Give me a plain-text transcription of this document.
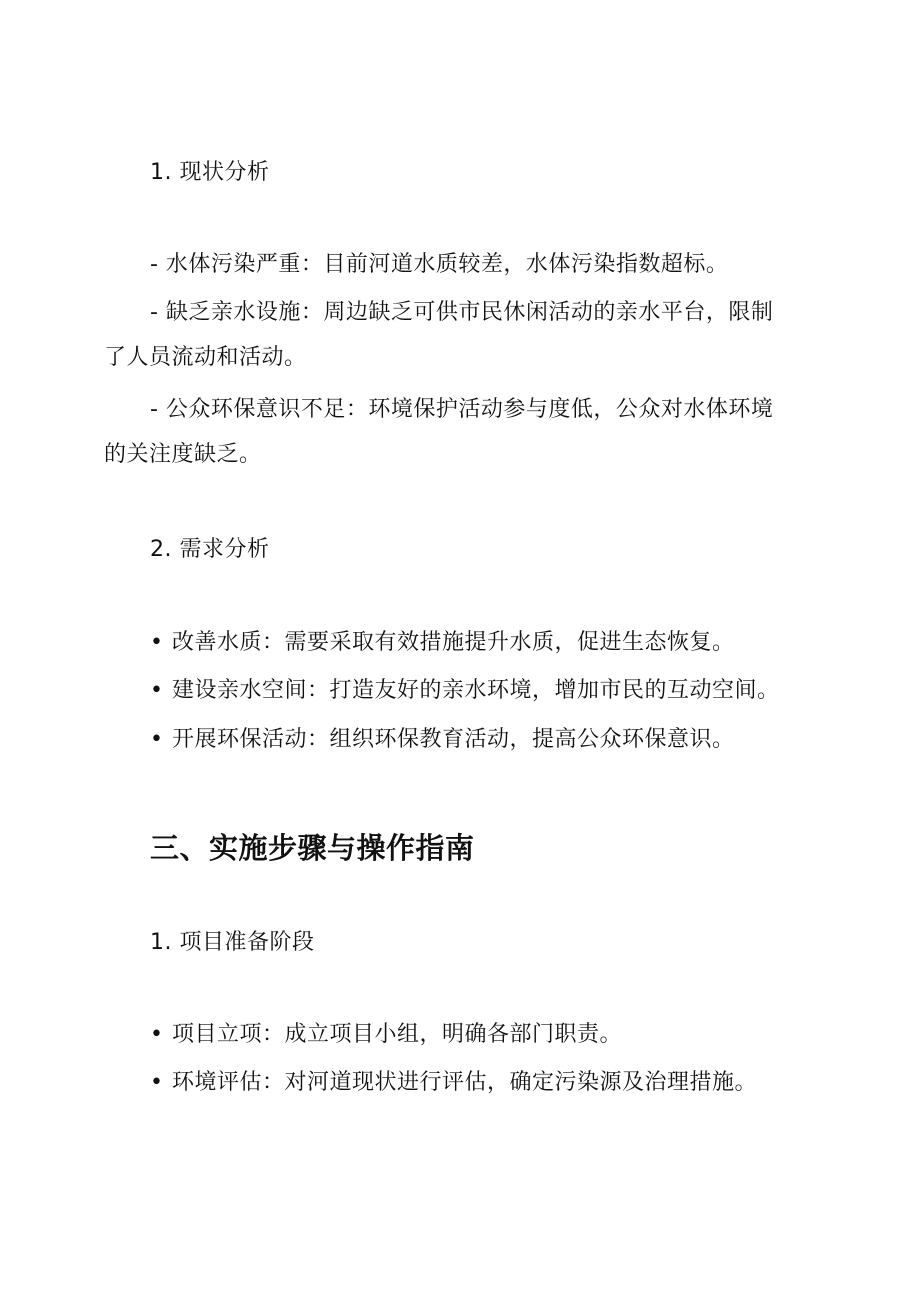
1. 现状分析
- 水体污染严重：目前河道水质较差，水体污染指数超标。
- 缺乏亲水设施：周边缺乏可供市民休闲活动的亲水平台，限制
了人员流动和活动。
- 公众环保意识不足：环境保护活动参与度低，公众对水体环境
的关注度缺乏。
2. 需求分析
• 改善水质：需要采取有效措施提升水质，促进生态恢复。
• 建设亲水空间：打造友好的亲水环境，增加市民的互动空间。
• 开展环保活动：组织环保教育活动，提高公众环保意识。
三、实施步骤与操作指南
1. 项目准备阶段
• 项目立项：成立项目小组，明确各部门职责。
• 环境评估：对河道现状进行评估，确定污染源及治理措施。
